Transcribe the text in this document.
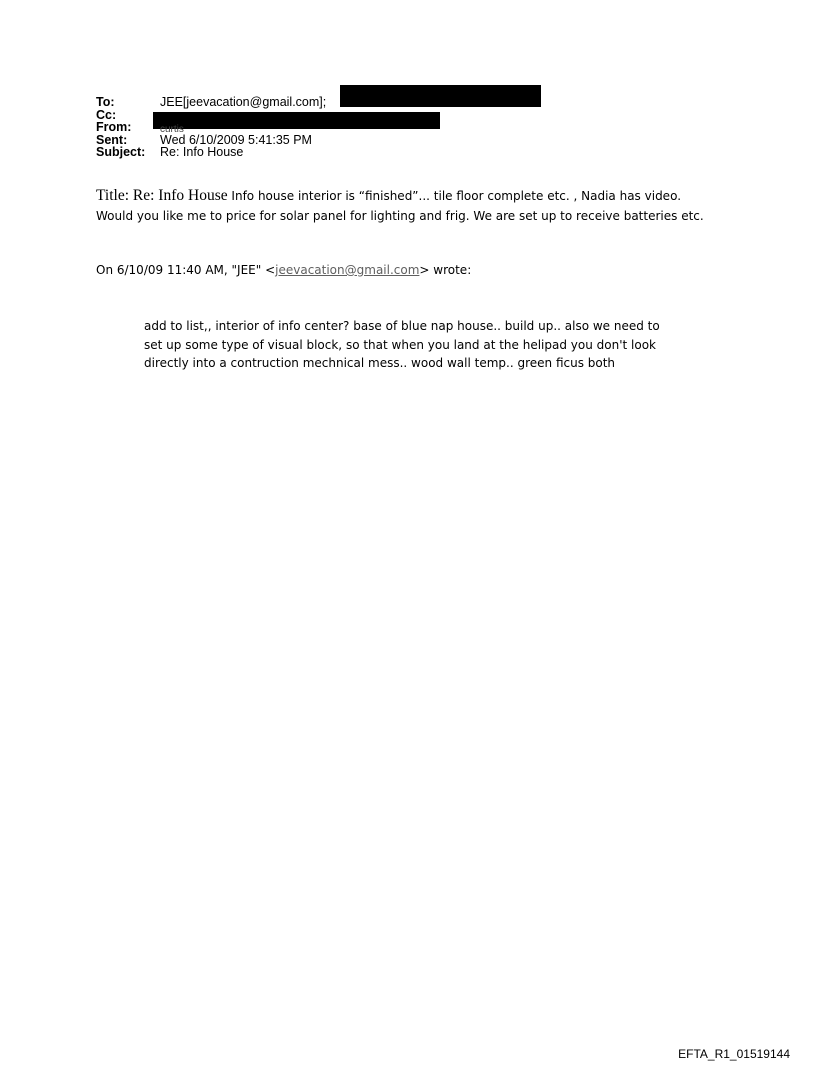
To:	JEE[jeevacation@gmail.com];
Cc:
From:	curtis
Sent:	Wed 6/10/2009 5:41:35 PM
Subject:	Re: Info House
Title: Re: Info House Info house interior is “finished”... tile floor complete etc. , Nadia has video.
Would you like me to price for solar panel for lighting and frig. We are set up to receive batteries etc.
On 6/10/09 11:40 AM, "JEE" <jeevacation@gmail.com> wrote:
add to list,, interior of info center? base of blue nap house.. build up.. also we need to
set up some type of visual block, so that when you land at the helipad you don't look
directly into a contruction mechnical mess.. wood wall temp.. green ficus both
EFTA_R1_01519144
